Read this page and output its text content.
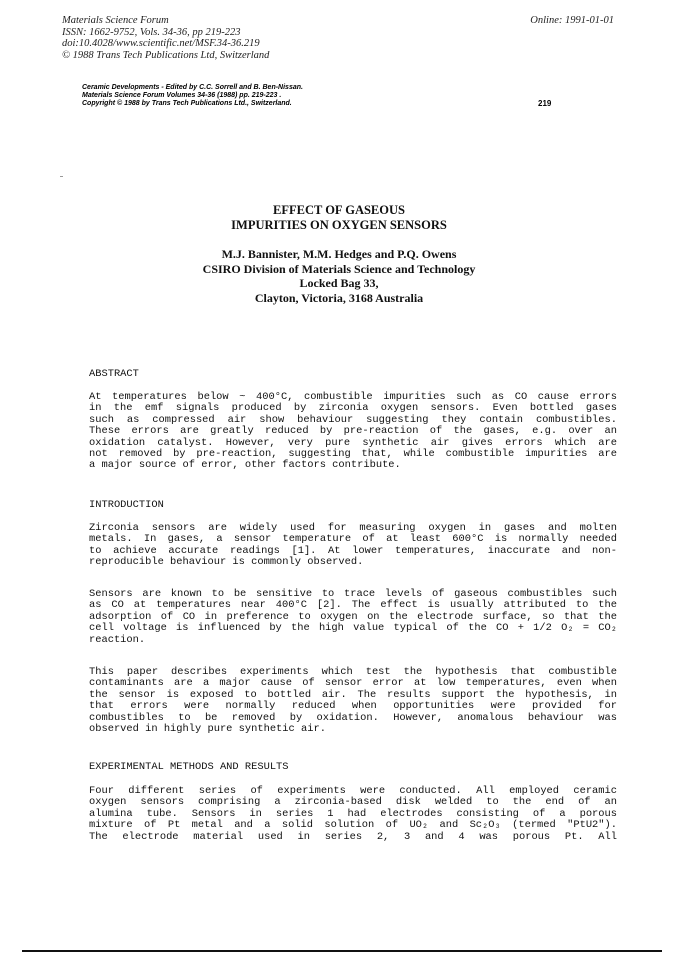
Materials Science Forum
ISSN: 1662-9752, Vols. 34-36, pp 219-223
doi:10.4028/www.scientific.net/MSF.34-36.219
© 1988 Trans Tech Publications Ltd, Switzerland
Online: 1991-01-01
Ceramic Developments - Edited by C.C. Sorrell and B. Ben-Nissan.
Materials Science Forum Volumes 34-36 (1988) pp. 219-223 .
Copyright © 1988 by Trans Tech Publications Ltd., Switzerland.	219
EFFECT OF GASEOUS
IMPURITIES ON OXYGEN SENSORS
M.J. Bannister, M.M. Hedges and P.Q. Owens
CSIRO Division of Materials Science and Technology
Locked Bag 33,
Clayton, Victoria, 3168 Australia
ABSTRACT
At temperatures below ~ 400°C, combustible impurities such as CO cause errors
in the emf signals produced by zirconia oxygen sensors. Even bottled gases
such as compressed air show behaviour suggesting they contain combustibles.
These errors are greatly reduced by pre-reaction of the gases, e.g. over an
oxidation catalyst. However, very pure synthetic air gives errors which are
not removed by pre-reaction, suggesting that, while combustible impurities are
a major source of error, other factors contribute.
INTRODUCTION
Zirconia sensors are widely used for measuring oxygen in gases and molten
metals. In gases, a sensor temperature of at least 600°C is normally needed
to achieve accurate readings [1]. At lower temperatures, inaccurate and non-
reproducible behaviour is commonly observed.
Sensors are known to be sensitive to trace levels of gaseous combustibles such
as CO at temperatures near 400°C [2]. The effect is usually attributed to the
adsorption of CO in preference to oxygen on the electrode surface, so that the
cell voltage is influenced by the high value typical of the CO + 1/2 O₂ = CO₂
reaction.
This paper describes experiments which test the hypothesis that combustible
contaminants are a major cause of sensor error at low temperatures, even when
the sensor is exposed to bottled air. The results support the hypothesis, in
that errors were normally reduced when opportunities were provided for
combustibles to be removed by oxidation. However, anomalous behaviour was
observed in highly pure synthetic air.
EXPERIMENTAL METHODS AND RESULTS
Four different series of experiments were conducted. All employed ceramic
oxygen sensors comprising a zirconia-based disk welded to the end of an
alumina tube. Sensors in series 1 had electrodes consisting of a porous
mixture of Pt metal and a solid solution of UO₂ and Sc₂O₃ (termed "PtU2").
The electrode material used in series 2, 3 and 4 was porous Pt. All
